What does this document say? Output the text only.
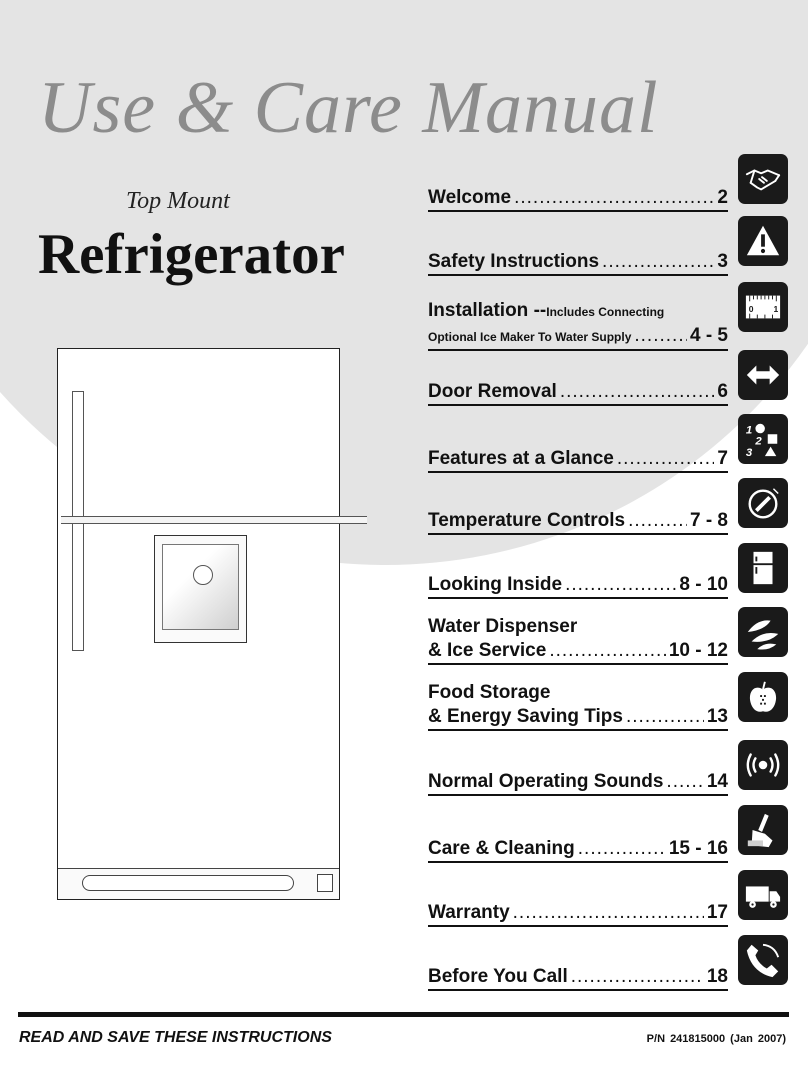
Use & Care Manual
Top Mount
Refrigerator
Welcome .....	2
Safety Instructions .....	3
Installation -- Includes Connecting
Optional Ice Maker To Water Supply .....	4 - 5
Door Removal .....	6
Features at a Glance .....	7
Temperature Controls .....	7 - 8
Looking Inside .....	8 - 10
Water Dispenser
& Ice Service .....	10 - 12
Food Storage
& Energy Saving Tips .....	13
Normal Operating Sounds ..... 14
Care & Cleaning .....	15 - 16
Warranty .....	17
Before You Call .....	18
0 1
1
2
3
READ AND SAVE THESE INSTRUCTIONS	P/N 241815000 (Jan 2007)
